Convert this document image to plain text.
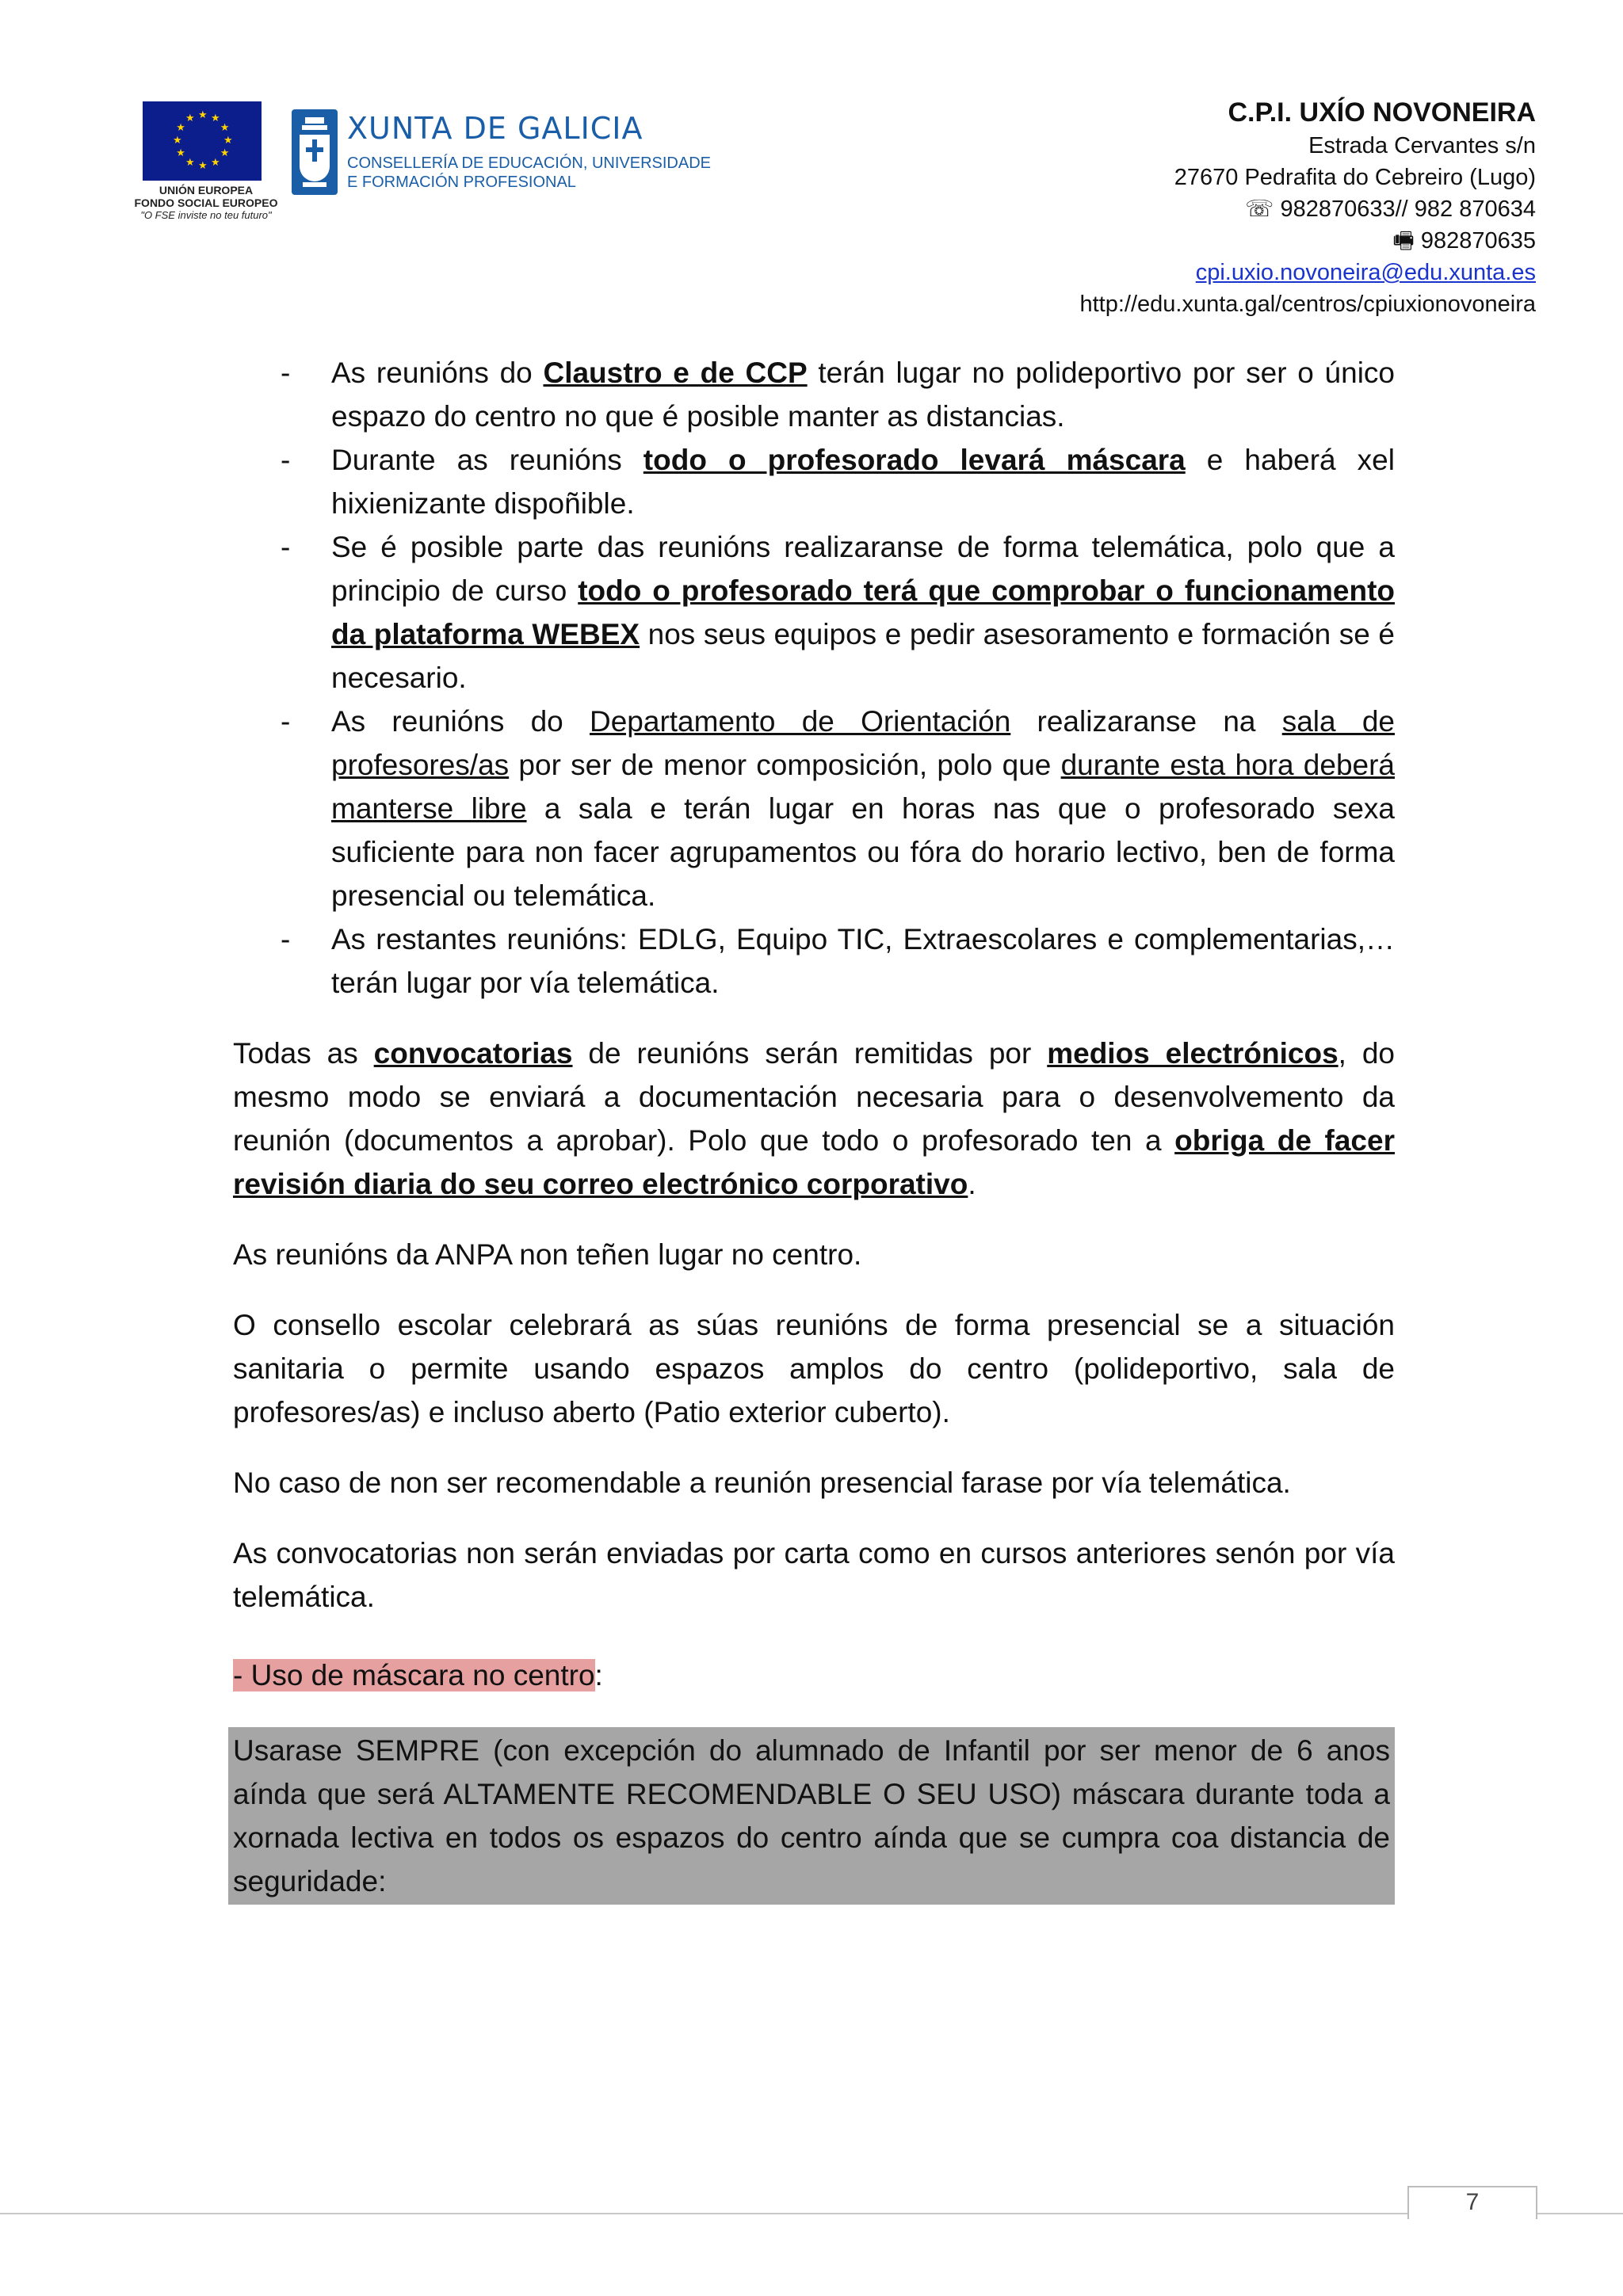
★ ★
★
★
★
★
★
★
★
★
★
★
UNIÓN EUROPEA
FONDO SOCIAL EUROPEO
"O FSE inviste no teu futuro"
XUNTA DE GALICIA
CONSELLERÍA DE EDUCACIÓN, UNIVERSIDADE
E FORMACIÓN PROFESIONAL
C.P.I. UXÍO NOVONEIRA
Estrada Cervantes s/n
27670 Pedrafita do Cebreiro (Lugo)
☏ 982870633// 982 870634
🖷 982870635
cpi.uxio.novoneira@edu.xunta.es
http://edu.xunta.gal/centros/cpiuxionovoneira
- As reunións do Claustro e de CCP terán lugar no polideportivo por ser o único espazo do centro no que é posible manter as distancias.
- Durante as reunións todo o profesorado levará máscara e haberá xel hixienizante dispoñible.
- Se é posible parte das reunións realizaranse de forma telemática, polo que a principio de curso todo o profesorado terá que comprobar o funcionamento da plataforma WEBEX nos seus equipos e pedir asesoramento e formación se é necesario.
- As reunións do Departamento de Orientación realizaranse na sala de profesores/as por ser de menor composición, polo que durante esta hora deberá manterse libre a sala e terán lugar en horas nas que o profesorado sexa suficiente para non facer agrupamentos ou fóra do horario lectivo, ben de forma presencial ou telemática.
- As restantes reunións: EDLG, Equipo TIC, Extraescolares e complementarias,… terán lugar por vía telemática.

Todas as convocatorias de reunións serán remitidas por medios electrónicos, do mesmo modo se enviará a documentación necesaria para o desenvolvemento da reunión (documentos a aprobar). Polo que todo o profesorado ten a obriga de facer revisión diaria do seu correo electrónico corporativo.

As reunións da ANPA non teñen lugar no centro.

O consello escolar celebrará as súas reunións de forma presencial se a situación sanitaria o permite usando espazos amplos do centro (polideportivo, sala de profesores/as) e incluso aberto (Patio exterior cuberto).

No caso de non ser recomendable a reunión presencial farase por vía telemática.

As convocatorias non serán enviadas por carta como en cursos anteriores senón por vía telemática.

- Uso de máscara no centro:

Usarase SEMPRE (con excepción do alumnado de Infantil por ser menor de 6 anos aínda que será ALTAMENTE RECOMENDABLE O SEU USO) máscara durante toda a xornada lectiva en todos os espazos do centro aínda que se cumpra coa distancia de seguridade:

7
